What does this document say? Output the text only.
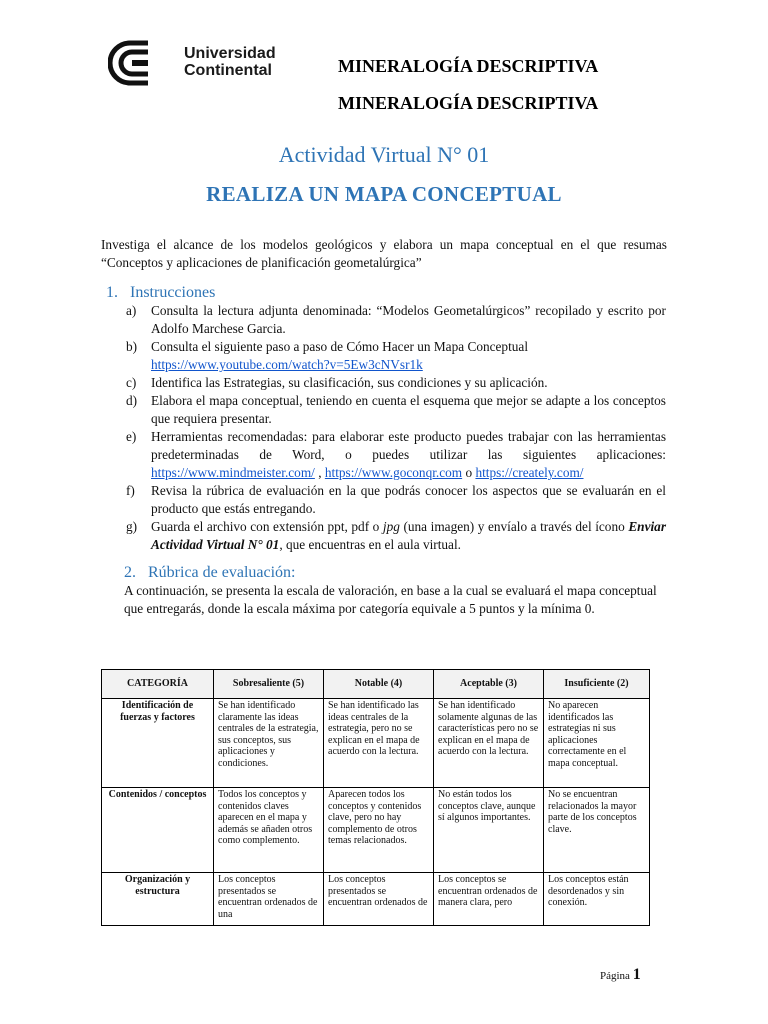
Universidad
Continental	MINERALOGÍA DESCRIPTIVA
MINERALOGÍA DESCRIPTIVA
Actividad Virtual N° 01
REALIZA UN MAPA CONCEPTUAL
Investiga el alcance de los modelos geológicos y elabora un mapa conceptual en el que resumas “Conceptos y aplicaciones de planificación geometalúrgica”
1. Instrucciones
a)	Consulta la lectura adjunta denominada: “Modelos Geometalúrgicos” recopilado y escrito por Adolfo Marchese Garcia.
b)	Consulta el siguiente paso a paso de Cómo Hacer un Mapa Conceptual
https://www.youtube.com/watch?v=5Ew3cNVsr1k
c)	Identifica las Estrategias, su clasificación, sus condiciones y su aplicación.
d)	Elabora el mapa conceptual, teniendo en cuenta el esquema que mejor se adapte a los conceptos que requiera presentar.
e)	Herramientas recomendadas: para elaborar este producto puedes trabajar con las herramientas predeterminadas de Word, o puedes utilizar las siguientes aplicaciones: https://www.mindmeister.com/ , https://www.goconqr.com o https://creately.com/
f)	Revisa la rúbrica de evaluación en la que podrás conocer los aspectos que se evaluarán en el producto que estás entregando.
g)	Guarda el archivo con extensión ppt, pdf o jpg (una imagen) y envíalo a través del ícono Enviar Actividad Virtual N° 01, que encuentras en el aula virtual.
2. Rúbrica de evaluación:
A continuación, se presenta la escala de valoración, en base a la cual se evaluará el mapa conceptual que entregarás, donde la escala máxima por categoría equivale a 5 puntos y la mínima 0.
CATEGORÍA	Sobresaliente (5)	Notable (4)	Aceptable (3)	Insuficiente (2)
Identificación de fuerzas y factores	Se han identificado claramente las ideas centrales de la estrategia, sus conceptos, sus aplicaciones y condiciones.	Se han identificado las ideas centrales de la estrategia, pero no se explican en el mapa de acuerdo con la lectura.	Se han identificado solamente algunas de las características pero no se explican en el mapa de acuerdo con la lectura.	No aparecen identificados las estrategias ni sus aplicaciones correctamente en el mapa conceptual.
Contenidos / conceptos	Todos los conceptos y contenidos claves aparecen en el mapa y además se añaden otros como complemento.	Aparecen todos los conceptos y contenidos clave, pero no hay complemento de otros temas relacionados.	No están todos los conceptos clave, aunque sí algunos importantes.	No se encuentran relacionados la mayor parte de los conceptos clave.
Organización y estructura	Los conceptos presentados se encuentran ordenados de una	Los conceptos presentados se encuentran ordenados de	Los conceptos se encuentran ordenados de manera clara, pero	Los conceptos están desordenados y sin conexión.
Página 1
